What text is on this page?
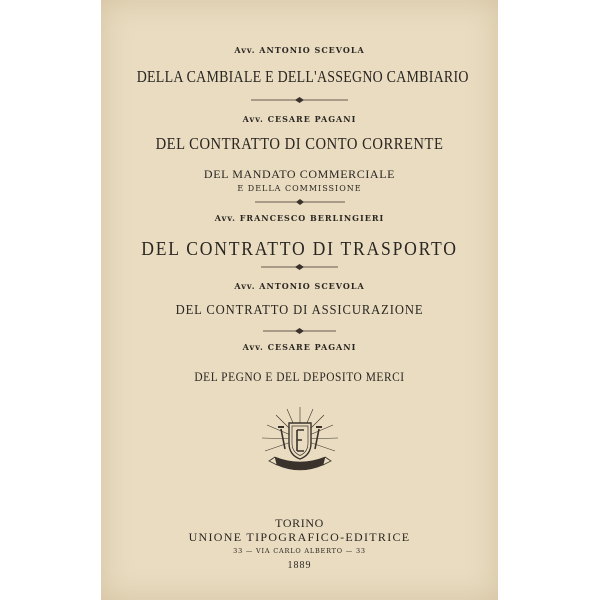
Avv. ANTONIO SCEVOLA
DELLA CAMBIALE E DELL'ASSEGNO CAMBIARIO
Avv. CESARE PAGANI
DEL CONTRATTO DI CONTO CORRENTE
DEL MANDATO COMMERCIALE
E DELLA COMMISSIONE
Avv. FRANCESCO BERLINGIERI
DEL CONTRATTO DI TRASPORTO
Avv. ANTONIO SCEVOLA
DEL CONTRATTO DI ASSICURAZIONE
Avv. CESARE PAGANI
DEL PEGNO E DEL DEPOSITO MERCI
TORINO
UNIONE TIPOGRAFICO-EDITRICE
33 — VIA CARLO ALBERTO — 33
1889
